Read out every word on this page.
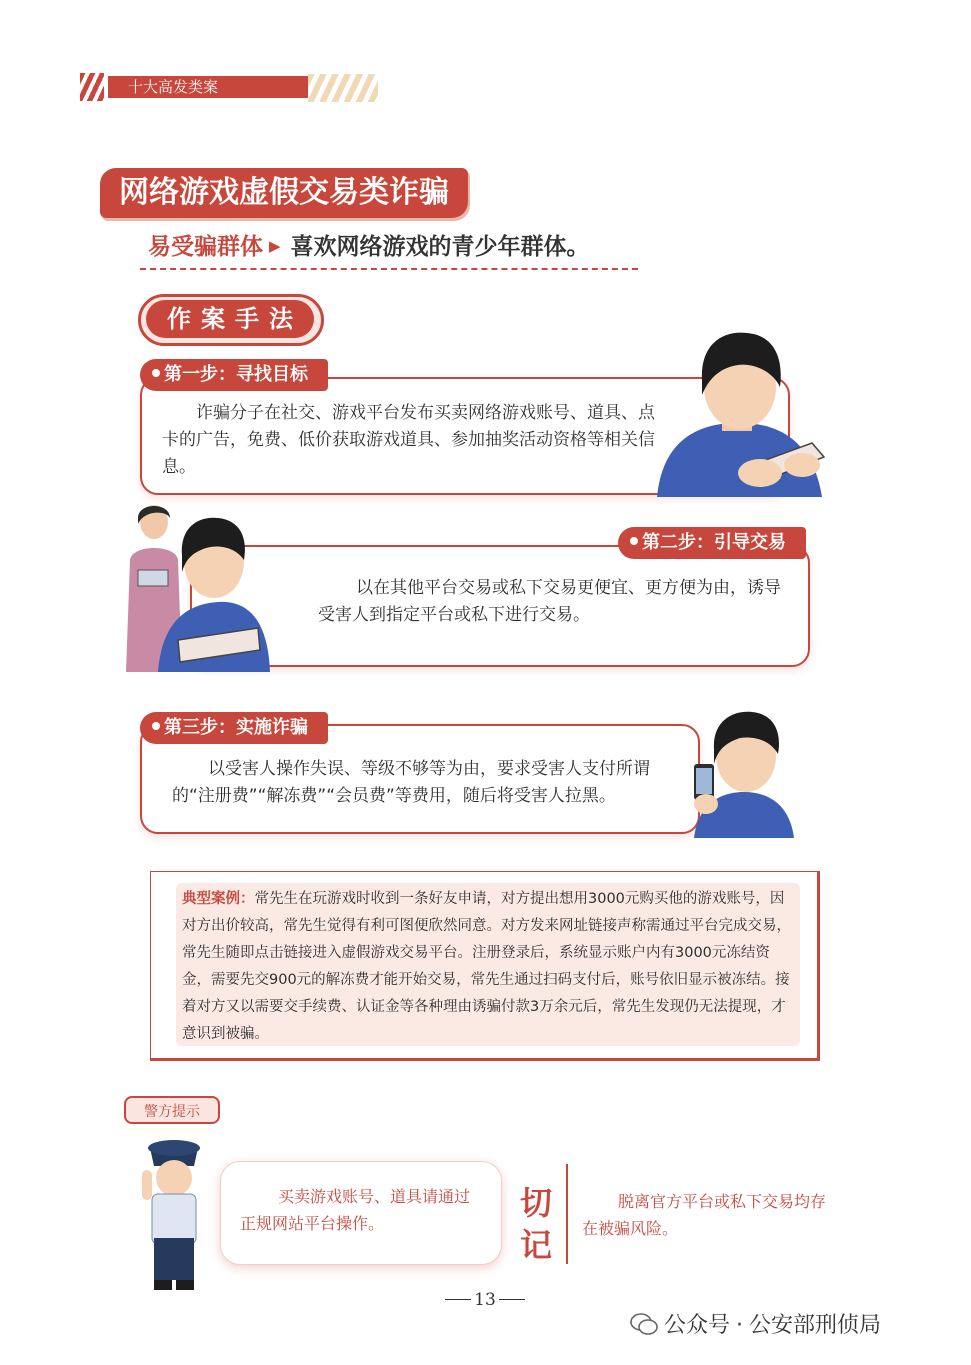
十大高发类案
网络游戏虚假交易类诈骗
易受骗群体 ▶ 喜欢网络游戏的青少年群体。
作案手法
第一步：寻找目标
诈骗分子在社交、游戏平台发布买卖网络游戏账号、道具、点卡的广告，免费、低价获取游戏道具、参加抽奖活动资格等相关信息。
第二步：引导交易
以在其他平台交易或私下交易更便宜、更方便为由，诱导受害人到指定平台或私下进行交易。
第三步：实施诈骗
以受害人操作失误、等级不够等为由，要求受害人支付所谓的“注册费”“解冻费”“会员费”等费用，随后将受害人拉黑。
典型案例：常先生在玩游戏时收到一条好友申请，对方提出想用3000元购买他的游戏账号，因对方出价较高，常先生觉得有利可图便欣然同意。对方发来网址链接声称需通过平台完成交易，常先生随即点击链接进入虚假游戏交易平台。注册登录后，系统显示账户内有3000元冻结资金，需要先交900元的解冻费才能开始交易，常先生通过扫码支付后，账号依旧显示被冻结。接着对方又以需要交手续费、认证金等各种理由诱骗付款3万余元后，常先生发现仍无法提现，才意识到被骗。
警方提示
买卖游戏账号、道具请通过正规网站平台操作。
切
记
脱离官方平台或私下交易均存在被骗风险。
13
公众号 · 公安部刑侦局
